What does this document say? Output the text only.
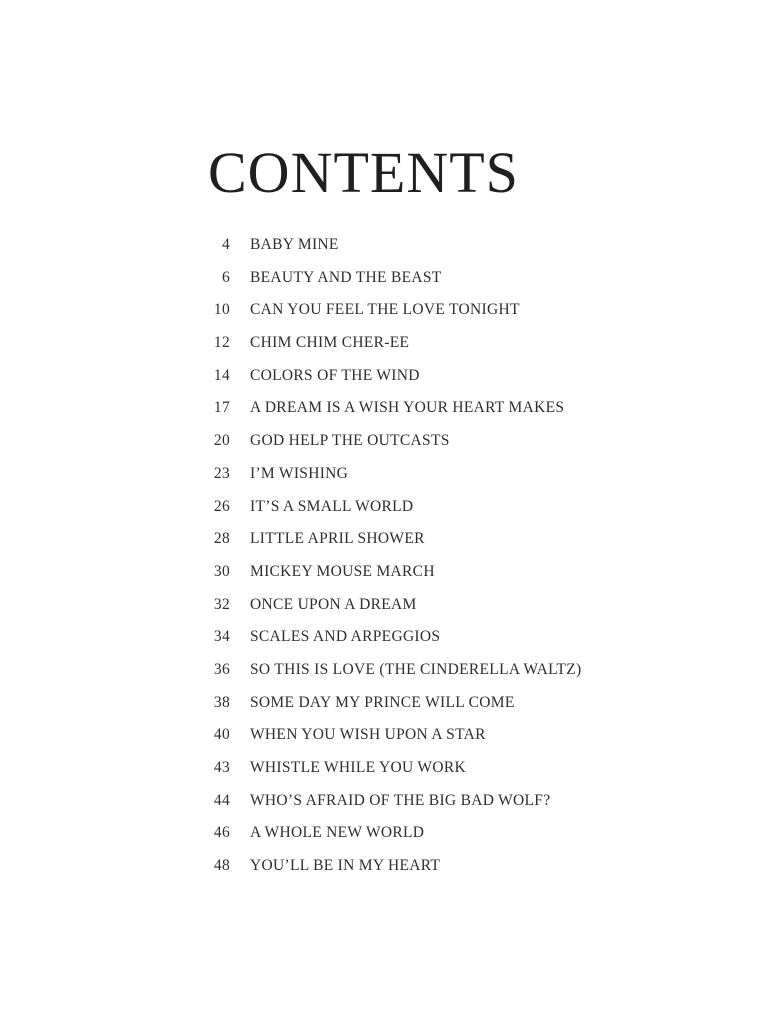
CONTENTS
4 BABY MINE
6 BEAUTY AND THE BEAST
10 CAN YOU FEEL THE LOVE TONIGHT
12 CHIM CHIM CHER-EE
14 COLORS OF THE WIND
17 A DREAM IS A WISH YOUR HEART MAKES
20 GOD HELP THE OUTCASTS
23 I’M WISHING
26 IT’S A SMALL WORLD
28 LITTLE APRIL SHOWER
30 MICKEY MOUSE MARCH
32 ONCE UPON A DREAM
34 SCALES AND ARPEGGIOS
36 SO THIS IS LOVE (THE CINDERELLA WALTZ)
38 SOME DAY MY PRINCE WILL COME
40 WHEN YOU WISH UPON A STAR
43 WHISTLE WHILE YOU WORK
44 WHO’S AFRAID OF THE BIG BAD WOLF?
46 A WHOLE NEW WORLD
48 YOU’LL BE IN MY HEART
